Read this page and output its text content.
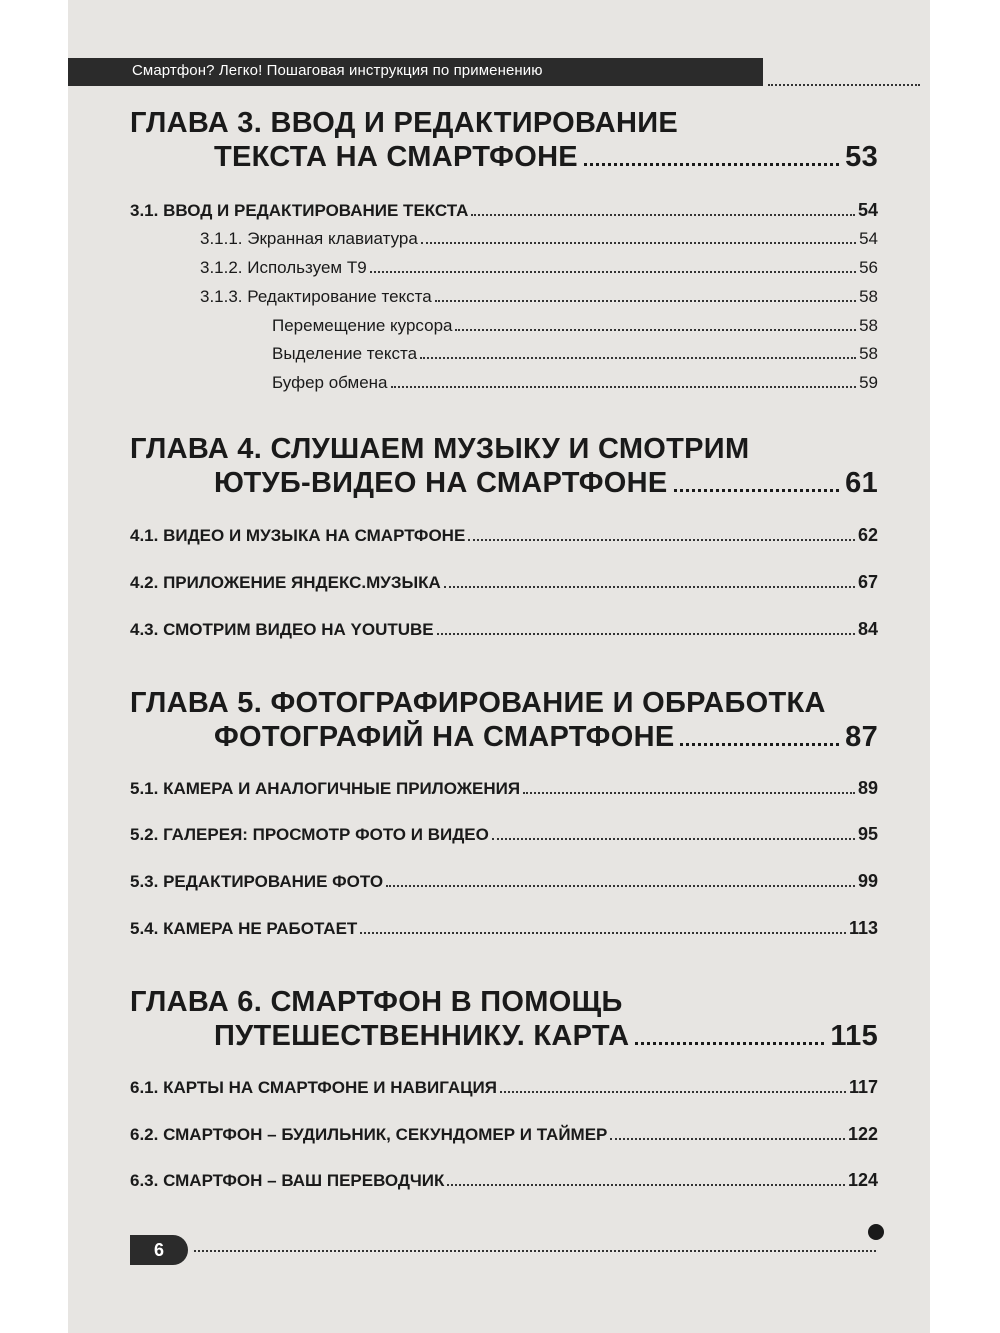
Смартфон? Легко! Пошаговая инструкция по применению
ГЛАВА 3. ВВОД И РЕДАКТИРОВАНИЕ
ТЕКСТА НА СМАРТФОНЕ	53
3.1. ВВОД И РЕДАКТИРОВАНИЕ ТЕКСТА	54
3.1.1. Экранная клавиатура	54
3.1.2. Используем Т9	56
3.1.3. Редактирование текста	58
Перемещение курсора	58
Выделение текста	58
Буфер обмена	59
ГЛАВА 4. СЛУШАЕМ МУЗЫКУ И СМОТРИМ
ЮТУБ-ВИДЕО НА СМАРТФОНЕ	61
4.1. ВИДЕО И МУЗЫКА НА СМАРТФОНЕ	62
4.2. ПРИЛОЖЕНИЕ ЯНДЕКС.МУЗЫКА	67
4.3. СМОТРИМ ВИДЕО НА YOUTUBE	84
ГЛАВА 5. ФОТОГРАФИРОВАНИЕ И ОБРАБОТКА
ФОТОГРАФИЙ НА СМАРТФОНЕ	87
5.1. КАМЕРА И АНАЛОГИЧНЫЕ ПРИЛОЖЕНИЯ	89
5.2. ГАЛЕРЕЯ: ПРОСМОТР ФОТО И ВИДЕО	95
5.3. РЕДАКТИРОВАНИЕ ФОТО	99
5.4. КАМЕРА НЕ РАБОТАЕТ	113
ГЛАВА 6. СМАРТФОН В ПОМОЩЬ
ПУТЕШЕСТВЕННИКУ. КАРТА	115
6.1. КАРТЫ НА СМАРТФОНЕ И НАВИГАЦИЯ	117
6.2. СМАРТФОН – БУДИЛЬНИК, СЕКУНДОМЕР И ТАЙМЕР	122
6.3. СМАРТФОН – ВАШ ПЕРЕВОДЧИК	124
6
